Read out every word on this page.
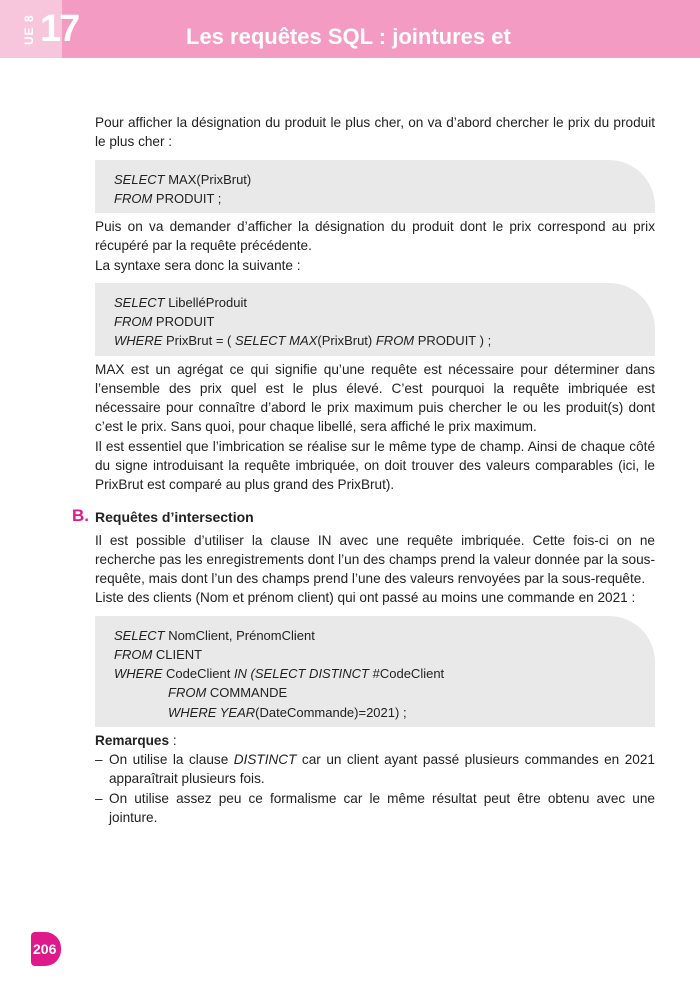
UE 8 17	Les requêtes SQL : jointures et approfondissements

Pour afficher la désignation du produit le plus cher, on va d’abord chercher le prix du produit le plus cher :

SELECT MAX(PrixBrut)
FROM PRODUIT ;

Puis on va demander d’afficher la désignation du produit dont le prix correspond au prix récupéré par la requête précédente.

La syntaxe sera donc la suivante :

SELECT LibelléProduit
FROM PRODUIT
WHERE PrixBrut = ( SELECT MAX(PrixBrut) FROM PRODUIT ) ;

MAX est un agrégat ce qui signifie qu’une requête est nécessaire pour déterminer dans l’ensemble des prix quel est le plus élevé. C’est pourquoi la requête imbriquée est nécessaire pour connaître d’abord le prix maximum puis chercher le ou les produit(s) dont c’est le prix. Sans quoi, pour chaque libellé, sera affiché le prix maximum.

Il est essentiel que l’imbrication se réalise sur le même type de champ. Ainsi de chaque côté du signe introduisant la requête imbriquée, on doit trouver des valeurs comparables (ici, le PrixBrut est comparé au plus grand des PrixBrut).

B. Requêtes d’intersection

Il est possible d’utiliser la clause IN avec une requête imbriquée. Cette fois-ci on ne recherche pas les enregistrements dont l’un des champs prend la valeur donnée par la sous-requête, mais dont l’un des champs prend l’une des valeurs renvoyées par la sous-requête.

Liste des clients (Nom et prénom client) qui ont passé au moins une commande en 2021 :

SELECT NomClient, PrénomClient
FROM CLIENT
WHERE CodeClient IN (SELECT DISTINCT #CodeClient
FROM COMMANDE
WHERE YEAR(DateCommande)=2021) ;

Remarques :

– On utilise la clause DISTINCT car un client ayant passé plusieurs commandes en 2021 apparaîtrait plusieurs fois.
– On utilise assez peu ce formalisme car le même résultat peut être obtenu avec une jointure.
206
